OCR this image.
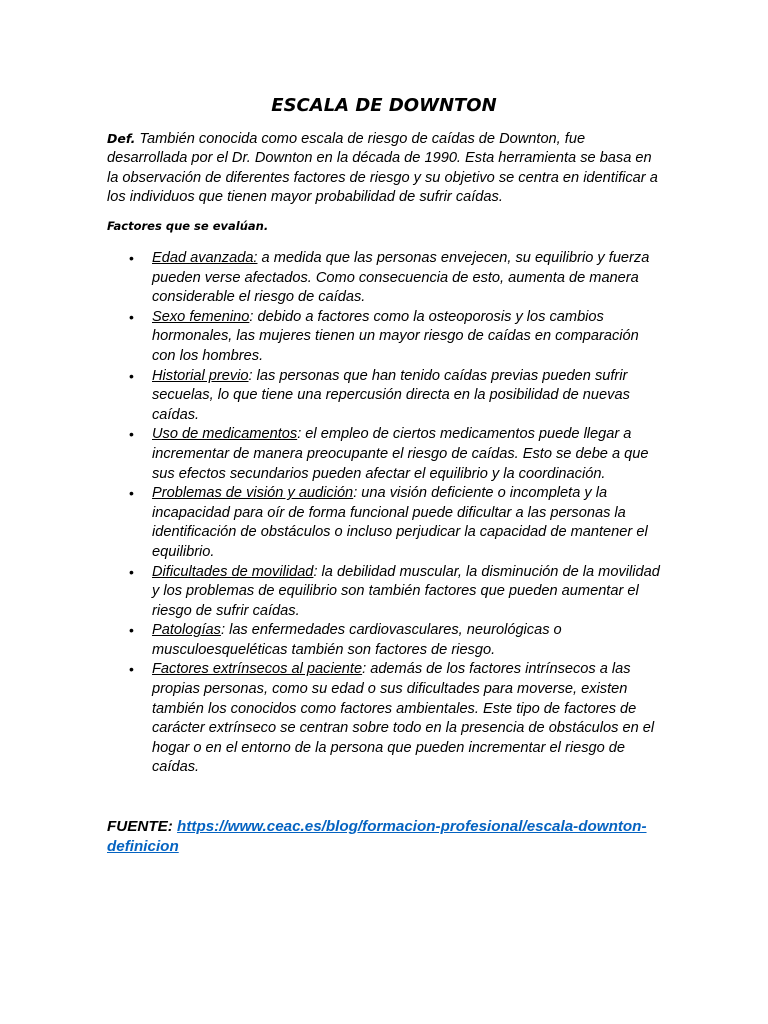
ESCALA DE DOWNTON

Def. También conocida como escala de riesgo de caídas de Downton, fue desarrollada por el Dr. Downton en la década de 1990. Esta herramienta se basa en la observación de diferentes factores de riesgo y su objetivo se centra en identificar a los individuos que tienen mayor probabilidad de sufrir caídas.

Factores que se evalúan.
• Edad avanzada: a medida que las personas envejecen, su equilibrio y fuerza pueden verse afectados. Como consecuencia de esto, aumenta de manera considerable el riesgo de caídas.
• Sexo femenino: debido a factores como la osteoporosis y los cambios hormonales, las mujeres tienen un mayor riesgo de caídas en comparación con los hombres.
• Historial previo: las personas que han tenido caídas previas pueden sufrir secuelas, lo que tiene una repercusión directa en la posibilidad de nuevas caídas.
• Uso de medicamentos: el empleo de ciertos medicamentos puede llegar a incrementar de manera preocupante el riesgo de caídas. Esto se debe a que sus efectos secundarios pueden afectar el equilibrio y la coordinación.
• Problemas de visión y audición: una visión deficiente o incompleta y la incapacidad para oír de forma funcional puede dificultar a las personas la identificación de obstáculos o incluso perjudicar la capacidad de mantener el equilibrio.
• Dificultades de movilidad: la debilidad muscular, la disminución de la movilidad y los problemas de equilibrio son también factores que pueden aumentar el riesgo de sufrir caídas.
• Patologías: las enfermedades cardiovasculares, neurológicas o musculoesqueléticas también son factores de riesgo.
• Factores extrínsecos al paciente: además de los factores intrínsecos a las propias personas, como su edad o sus dificultades para moverse, existen también los conocidos como factores ambientales. Este tipo de factores de carácter extrínseco se centran sobre todo en la presencia de obstáculos en el hogar o en el entorno de la persona que pueden incrementar el riesgo de caídas.

FUENTE: https://www.ceac.es/blog/formacion-profesional/escala-downton-definicion
